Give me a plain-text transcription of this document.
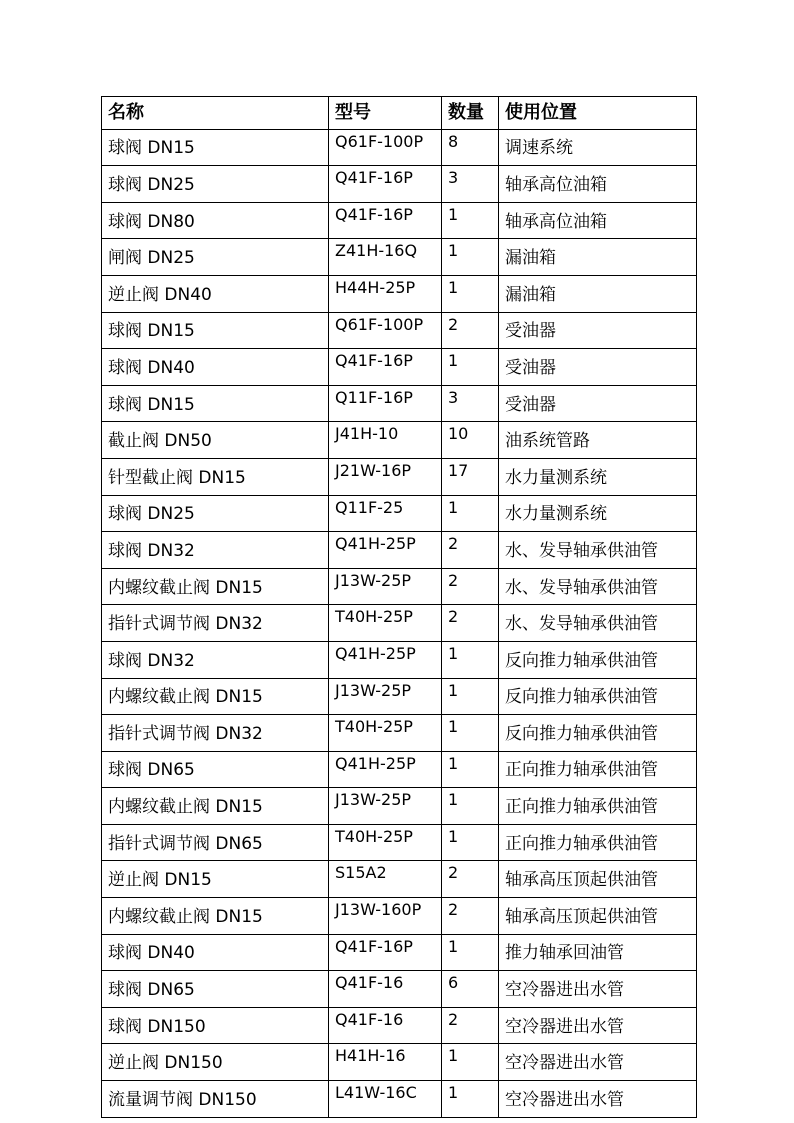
名称	型号	数量	使用位置
球阀 DN15	Q61F-100P	8	调速系统
球阀 DN25	Q41F-16P	3	轴承高位油箱
球阀 DN80	Q41F-16P	1	轴承高位油箱
闸阀 DN25	Z41H-16Q	1	漏油箱
逆止阀 DN40	H44H-25P	1	漏油箱
球阀 DN15	Q61F-100P	2	受油器
球阀 DN40	Q41F-16P	1	受油器
球阀 DN15	Q11F-16P	3	受油器
截止阀 DN50	J41H-10	10	油系统管路
针型截止阀 DN15	J21W-16P	17	水力量测系统
球阀 DN25	Q11F-25	1	水力量测系统
球阀 DN32	Q41H-25P	2	水、发导轴承供油管
内螺纹截止阀 DN15	J13W-25P	2	水、发导轴承供油管
指针式调节阀 DN32	T40H-25P	2	水、发导轴承供油管
球阀 DN32	Q41H-25P	1	反向推力轴承供油管
内螺纹截止阀 DN15	J13W-25P	1	反向推力轴承供油管
指针式调节阀 DN32	T40H-25P	1	反向推力轴承供油管
球阀 DN65	Q41H-25P	1	正向推力轴承供油管
内螺纹截止阀 DN15	J13W-25P	1	正向推力轴承供油管
指针式调节阀 DN65	T40H-25P	1	正向推力轴承供油管
逆止阀 DN15	S15A2	2	轴承高压顶起供油管
内螺纹截止阀 DN15	J13W-160P	2	轴承高压顶起供油管
球阀 DN40	Q41F-16P	1	推力轴承回油管
球阀 DN65	Q41F-16	6	空冷器进出水管
球阀 DN150	Q41F-16	2	空冷器进出水管
逆止阀 DN150	H41H-16	1	空冷器进出水管
流量调节阀 DN150	L41W-16C	1	空冷器进出水管
